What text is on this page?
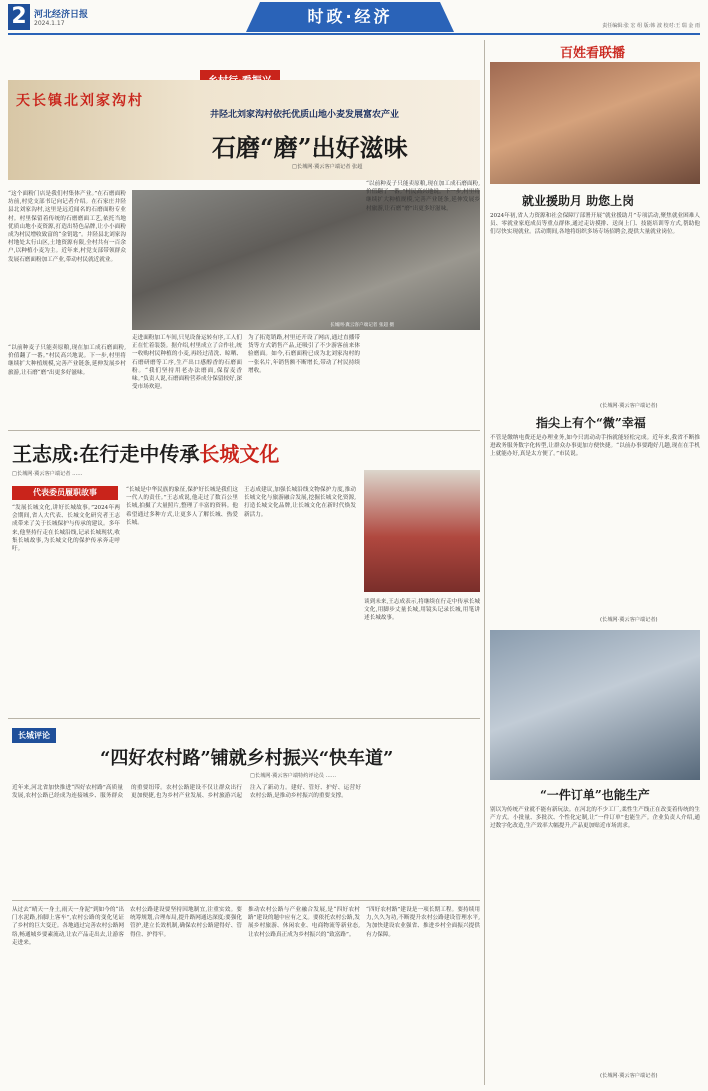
2 河北经济日报
2024.1.17	时政·经济	责任编辑:张 宏 组 版:韩 波 校对:王 瑞 金 雨
天长镇北刘家沟村
井陉北刘家沟村依托优质山地小麦发展富农产业
石磨“磨”出好滋味
□长城网·冀云客户端记者 张超
长城网·冀云客户端记者 张超 摄
“这个面粉门店是我们村集体产业。”在石磨面粉坊前,村党支部书记向记者介绍。在石家庄井陉县北刘家沟村,这里是远近闻名的石磨面粉专业村。村里保留着传统的石磨磨面工艺,依托当地优质山地小麦资源,打造出特色品牌,让小小面粉成为村民增收致富的“金钥匙”。井陉县北刘家沟村地处太行山区,土地资源有限,全村共有一百余户,以种植小麦为主。近年来,村党支部带领群众发展石磨面粉加工产业,带动村民就近就业。
走进面粉加工车间,只见设备运转有序,工人们正在忙着装袋。据介绍,村里成立了合作社,统一收购村民种植的小麦,再经过清洗、晾晒、石磨研磨等工序,生产出口感醇香的石磨面粉。“我们坚持用老办法磨面,保留麦香味。”负责人说,石磨面粉营养成分保留较好,深受市场欢迎。
“以前种麦子只能卖原粮,现在加工成石磨面粉,价值翻了一番。”村民高兴地说。下一步,村里将继续扩大种植规模,完善产业链条,延伸发展乡村旅游,让石磨“磨”出更多好滋味。
为了拓宽销路,村里还开设了网店,通过直播带货等方式销售产品,还吸引了不少游客前来体验磨面。如今,石磨面粉已成为北刘家沟村的一张名片,年销售额不断增长,带动了村民持续增收。
“以前种麦子只能卖原粮,现在加工成石磨面粉,价值翻了一番。”村民高兴地说。下一步,村里将继续扩大种植规模,完善产业链条,延伸发展乡村旅游,让石磨“磨”出更多好滋味。
王志成:在行走中传承长城文化
□长城网·冀云客户端记者 ……
代表委员履职故事
“发展长城文化,讲好长城故事。”2024年两会期间,省人大代表、长城文化研究者王志成带来了关于长城保护与传承的建议。多年来,他坚持行走在长城沿线,记录长城现状,收集长城故事,为长城文化的保护传承奔走呼吁。
“长城是中华民族的象征,保护好长城是我们这一代人的责任。”王志成说,他走过了数百公里长城,拍摄了大量照片,整理了丰富的资料。他希望通过多种方式,让更多人了解长城、热爱长城。
王志成建议,加强长城沿线文物保护力度,推动长城文化与旅游融合发展,挖掘长城文化资源,打造长城文化品牌,让长城文化在新时代焕发新活力。
谈到未来,王志成表示,将继续在行走中传承长城文化,用脚步丈量长城,用镜头记录长城,用笔讲述长城故事。
长城评论
“四好农村路”铺就乡村振兴“快车道”
□长城网·冀云客户端特约评论员 ……
近年来,河北省加快推进“四好农村路”高质量发展,农村公路已经成为连接城乡、服务群众的重要纽带。农村公路建设不仅让群众出行更加便捷,也为乡村产业发展、乡村旅游兴起注入了新动力。建好、管好、护好、运营好农村公路,是推动乡村振兴的重要支撑。
从过去“晴天一身土,雨天一身泥”到如今的“出门水泥路,抬脚上客车”,农村公路的变化见证了乡村的巨大变迁。各地通过完善农村公路网络,畅通城乡要素流动,让农产品走出去,让游客走进来。
农村公路建设要坚持因地制宜,注重实效。要统筹规划,合理布局,提升路网通达深度;要强化管护,建立长效机制,确保农村公路建得好、管得住、护得牢。
推动农村公路与产业融合发展,是“四好农村路”建设的题中应有之义。要依托农村公路,发展乡村旅游、休闲农业、电商物流等新业态,让农村公路真正成为乡村振兴的“致富路”。
“四好农村路”建设是一项长期工程。要持续用力,久久为功,不断提升农村公路建设管理水平,为加快建设农业强省、推进乡村全面振兴提供有力保障。
百姓看联播
就业援助月 助您上岗
2024年初,省人力资源和社会保障厅部署开展“就业援助月”专项活动,聚焦就业困难人员、零就业家庭成员等重点群体,通过走访摸排、送岗上门、技能培训等方式,帮助他们尽快实现就业。活动期间,各地将组织多场专场招聘会,提供大量就业岗位。
(长城网·冀云客户端记者)
指尖上有个“微”幸福
不管是缴纳电费还是办理业务,如今只需动动手指就能轻松完成。近年来,我省不断推进政务服务数字化转型,让群众办事更加方便快捷。“以前办事要跑好几趟,现在在手机上就能办好,真是太方便了。”市民说。
(长城网·冀云客户端记者)
“一件订单”也能生产
别以为传统产业就不能有新玩法。在河北的不少工厂,柔性生产线正在改变着传统的生产方式。小批量、多批次、个性化定制,让“一件订单”也能生产。企业负责人介绍,通过数字化改造,生产效率大幅提升,产品更加贴近市场需求。
(长城网·冀云客户端记者)
